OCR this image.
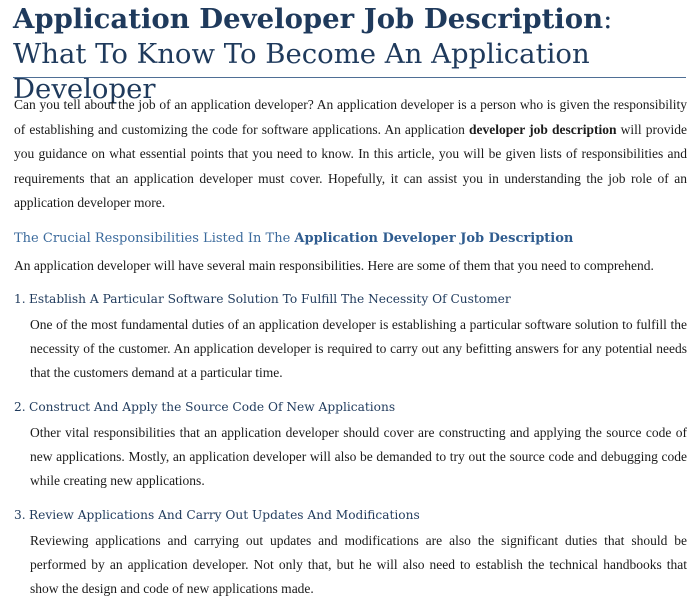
Application Developer Job Description: What To Know To Become An Application Developer

Can you tell about the job of an application developer? An application developer is a person who is given the responsibility of establishing and customizing the code for software applications. An application developer job description will provide you guidance on what essential points that you need to know. In this article, you will be given lists of responsibilities and requirements that an application developer must cover. Hopefully, it can assist you in understanding the job role of an application developer more.

The Crucial Responsibilities Listed In The Application Developer Job Description

An application developer will have several main responsibilities. Here are some of them that you need to comprehend.

1. Establish A Particular Software Solution To Fulfill The Necessity Of Customer

One of the most fundamental duties of an application developer is establishing a particular software solution to fulfill the necessity of the customer. An application developer is required to carry out any befitting answers for any potential needs that the customers demand at a particular time.

2. Construct And Apply the Source Code Of New Applications

Other vital responsibilities that an application developer should cover are constructing and applying the source code of new applications. Mostly, an application developer will also be demanded to try out the source code and debugging code while creating new applications.

3. Review Applications And Carry Out Updates And Modifications

Reviewing applications and carrying out updates and modifications are also the significant duties that should be performed by an application developer. Not only that, but he will also need to establish the technical handbooks that show the design and code of new applications made.
